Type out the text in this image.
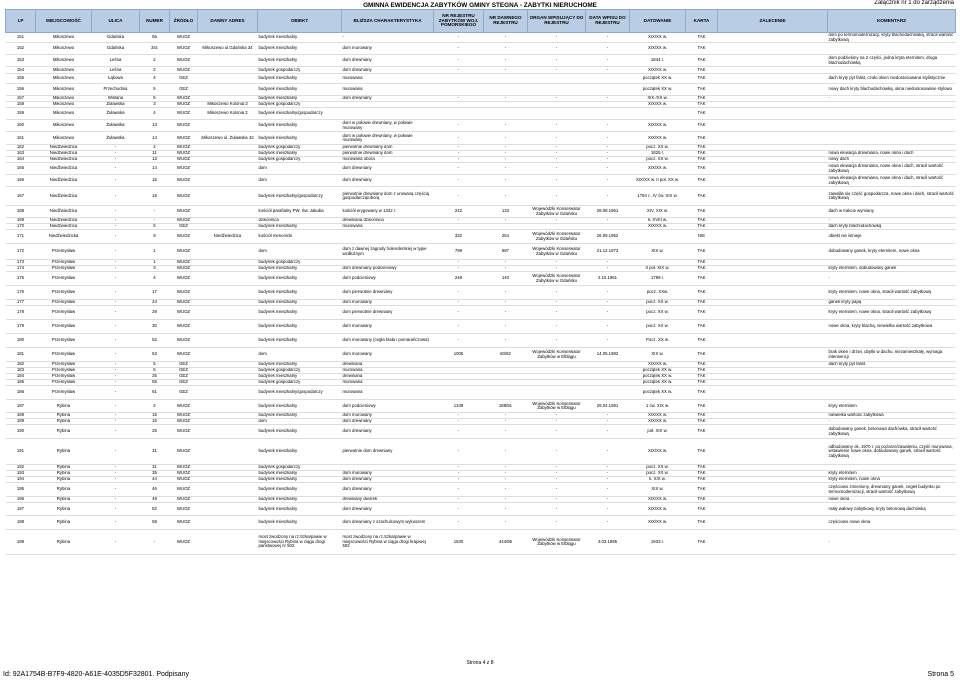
Załącznik nr 1 do zarządzenia
GMINNA EWIDENCJA ZABYTKÓW GMINY STEGNA - ZABYTKI NIERUCHOME
LP	MIEJSCOWOŚĆ	ULICA	NUMER	ŹRÓDŁO	DAWNY ADRES	OBIEKT	BLIŻSZA CHARAKTERYSTYKA	NR REJESTRU ZABYTKÓW WOJ. POMORSKIEGO	NR DAWNEGO REJESTRU	ORGAN WPISUJĄCY DO REJESTRU	DATA WPISU DO REJESTRU	DATOWANIE	KARTA	ZALECENIE	KOMENTARZ
151	Mikoszewo	Gdańska	9a	WUOZ		budynek mieszkalny	-	-	-	-	-	XIX/XX w.	TAK		dom po termomodernizacji, kryty blachodachówką, stracił wartość zabytkową
152	Mikoszewo	Gdańska	34c	WUOZ	Mikoszewo ul.Gdańska 34	budynek mieszkalny	dom murowany	-	-	-	-	XIX/XX w.	TAK		
153	Mikoszewo	Leśna	2	WUOZ		budynek mieszkalny	dom drewniany	-	-	-	-	1844 r.	TAK		dom podzielony na 2 części, jedna kryta eternitem, druga blachodachówką
154	Mikoszewo	Leśna	2	WUOZ		budynek gospodarczy	dom drewniany	-	-	-	-	XIX/XX w.	TAK		
155	Mikoszewo	Łąkowa	4	GEZ		budynek mieszkalny	murowana					początek XX w.	TAK		dach kryty pyt falist, czoło okien niedostosowana stylistycznie
156	Mikoszewo	Przechodnia	5	GEZ		budynek mieszkalny	murowana					początek XX w.	TAK		nowy dach kryty blachodachówką, okna niedostosowane stylowo
157	Mikoszewo	Wiślana	5	WUOZ		budynek mieszkalny	dom drewniany	-	-	-	-	XIX /XX w.	TAK		-
158	Mikoszewo	Żuławska	3	WUOZ	Mikoszewo Kolonia 3	budynek gospodarczy						XIX/XX w.	TAK		
159	Mikoszewo	Żuławska	4	WUOZ	Mikoszewo Kolonia 2	budynek mieszkalny/gospodarczy							TAK		
160	Mikoszewo	Żuławska	13	WUOZ		budynek mieszkalny	dom w połowie drewniany, w połowie murowany	-	-	-	-	XIX/XX w.	TAK		
161	Mikoszewo	Żuławska	14	WUOZ	Mikoszewo ul. Żuławska 42	budynek mieszkalny	dom w połowie drewniany, w połowie murowany	-	-	-	-	XIX/XX w.	TAK		
162	Niedźwiedzica	-	2	WUOZ		budynek gospodarczy	pierwotnie drewniany dom	-	-	-	-	pocz. XX w.	TAK		
163	Niedźwiedzica	-	11	WUOZ		budynek mieszkalny	pierwotnie drewniany dom	-	-	-	-	1825 r.	TAK		nowa elewacja drewniana, nowe okna i dach
164	Niedźwiedzica	-	13	WUOZ		budynek gospodarczy	murowana obora	-	-	-	-	pocz. XX w.	TAK		nowy dach
165	Niedźwiedzica	-	14	WUOZ		dom	dom drewniany	-	-	-	-	XIX/XX w.	TAK		nowa elewacja drewniana, nowe okna i dach, stracił wartość zabytkową
166	Niedźwiedzica	-	15	WUOZ		dom	dom drewniany	-	-	-	-	XIX/XX w. II poł. XX w.	TAK		nowa elewacja drewniana, nowe okna i dach, stracił wartość zabytkową
167	Niedźwiedzica	-	19	WUOZ		budynek mieszkalny/gospodarczy	pierwotnie drewniany dom z urowaną częścią gospodarczą/oborą	-	-	-	-	1794 r., IV ćw. XIX w.	TAK		zawaliła się część gospodarcza, nowe okna i dach, stracił wartość zabytkową
168	Niedźwiedzica	-	-	WUOZ		kościół parafialny PW. Św. Jakuba	kościół erygowany w 1342 r.	242	133	Wojewódzki Konserwator Zabytków w Gdańsku	28.09.1961	XIV, XIX w.	TAK		dach w trakcie wymiany
169	Niedźwiedzica	-	-	WUOZ		dzwonnica	drewniana dzwonnica	-	-	-	-	k. XVIII w.	TAK		-
170	Niedźwiedzica	-	5	GEZ		budynek mieszkalny	murowana					XIX/XX w.	TAK		dach kryty blachodachówką
171	Niedźwiedzicka	-	9	WUOZ	Niedźwiedzica	kościół menonicki		332	254	Wojewódzki Konserwator Zabytków w Gdańsku	26.09.1962		NIE		obiekt nie istnieje
172	Przemysław	-	1	WUOZ		dom	dom z dawnej zagrody holenderskiej w typie wzdłużnym	799	687	Wojewódzki Konserwator Zabytków w Gdańsku	21.12.1973	XIX w.	TAK		dobudowany ganek, kryty eternitem, nowe okna
173	Przemysław	-	1	WUOZ		budynek gospodarczy		-	-	-	-		TAK		
174	Przemysław	-	3	WUOZ		budynek mieszkalny	dom drewniany podcieniowy	-	-	-	-	II poł. XIX w.	TAK		kryty eternitem, dobudowany ganek
175	Przemysław	-	4	WUOZ		budynek mieszkalny	dom podcieniowy	248	140	Wojewódzki Konserwator Zabytków w Gdańsku	2.10.1961	1789 r.	TAK		-
176	Przemysław	-	17	WUOZ		budynek mieszkalny	dom pierwotnie drewniany	-	-	-	-	pocz. XXw.	TAK		kryty eternitem, nowe okna, stracił wartość zabytkową
177	Przemysław	-	24	WUOZ		budynek mieszkalny	dom murowany	-	-	-	-	pocz. XX w.	TAK		ganek kryty papą
178	Przemysław	-	29	WUOZ		budynek mieszkalny	dom pierwotnie drewniany	-	-	-	-	pocz. XX w.	TAK		kryty eternitem, nowe okna, stracił wartość zabytkową
179	Przemysław	-	30	WUOZ		budynek mieszkalny	dom murowany	-	-	-	-	pocz. XX w.	TAK		nowe okna, kryty blachą, niewielka wartość zabytkowa
180	Przemysław	-	52	WUOZ		budynek mieszkalny	dom murowany (cegła biała i pomarańczowa)	-	-	-	-	Pocz. XX w.	TAK		
181	Przemysław	-	63	WUOZ		dom	dom murowany	1006	60/82	Wojewódzki Konserwator Zabytków w Elblągu	14.05.1982	XIX w.	TAK		brak okien i drzwi, ubytki w dachu, niezamieszkały, wymaga interwencji
182	Przemysław	-	5	GEZ		budynek mieszkalny	drewniana					XIX/XX w.	TAK		dach kryty pyt falist
183	Przemysław	-	5	GEZ		budynek gospodarczy	murowana					początek XX w.	TAK		
184	Przemysław	-	25	GEZ		budynek mieszkalny	drewniana					początek XX w.	TAK		
185	Przemysław	-	55	GEZ		budynek gospodarczy	murowana					początek XX w.	TAK		
186	Przemysław	-	61	GEZ		budynek mieszkalny/gospodarczy	murowana					początek XX w.	TAK		
187	Rybina	-	2	WUOZ		budynek mieszkalny	dom podcieniowy	1349	188/91	Wojewódzki Konserwator Zabytków w Elblągu	29.04.1991	1 ćw. XIX w.	TAK		kryty eternitem
188	Rybina	-	15	WUOZ		budynek mieszkalny	dom murowany	-	-	-	-	XIX/XX w.	TAK		niewielka wartość zabytkowa
189	Rybina	-	16	WUOZ		dom	dom drewniany	-	-	-	-	XIX/XX w.	TAK		-
190	Rybina	-	25	WUOZ		budynek mieszkalny	dom drewniany	-	-	-	-	poł. XIX w.	TAK		dobudowany ganek, betonowa dachówka, stracił wartość zabytkową
191	Rybina	-	31	WUOZ		budynek mieszkalny	pierwotnie dom drewniany	-	-	-	-	XIX/XX w.	TAK		odbudowany ok. 1970 r. po pożarze/zawaleniu, część murowana, wstawienie nowe okna, dobudowany ganek, stracił wartość zabytkową
192	Rybina	-	31	WUOZ		budynek gospodarczy		-	-	-	-	pocz. XX w.	TAK		
193	Rybina	-	35	WUOZ		budynek mieszkalny	dom murowany	-	-	-	-	pocz. XX w.	TAK		kryty eternitem
194	Rybina	-	44	WUOZ		budynek mieszkalny	dom drewniany	-	-	-	-	k. XIX w.	TAK		kryty eternitem, nowe okna
195	Rybina	-	46	WUOZ		budynek mieszkalny	dom drewniany	-	-	-	-	XIX w.	TAK		częściowo zmieniony, drewniany ganek, cegieł budynku po termomodernizacji, stracił wartość zabytkową
196	Rybina	-	49	WUOZ		budynek mieszkalny	drewniany dworek	-	-	-	-	XIX/XX w.	TAK		nowe okna
197	Rybina	-	52	WUOZ		budynek mieszkalny	dom drewniany	-	-	-	-	XIX/XX w.	TAK		mały wałowy zabytkowy, kryty betonową dachówką
198	Rybina	-	58	WUOZ		budynek mieszkalny	dom drewniany z szachulcowym wykuszem	-	-	-	-	XIX/XX w.	TAK		częściowo nowe okna
199	Rybina	-	-	WUOZ		most zwodzony na rz.Szkarpawie w miejscowości Rybina w ciągu drogi państwowej nr 502	most zwodzony na rz.Szkarpawie w miejscowości Rybina w ciągu drogi krajowej 502	1530	444/95	Wojewódzki Konserwator Zabytków w Elblągu	3.03.1995	1933 r.	TAK		-
Strona 4 z 8
Id: 92A1754B-B7F9-4820-A61E-4035D5F32801. Podpisany	Strona 5
